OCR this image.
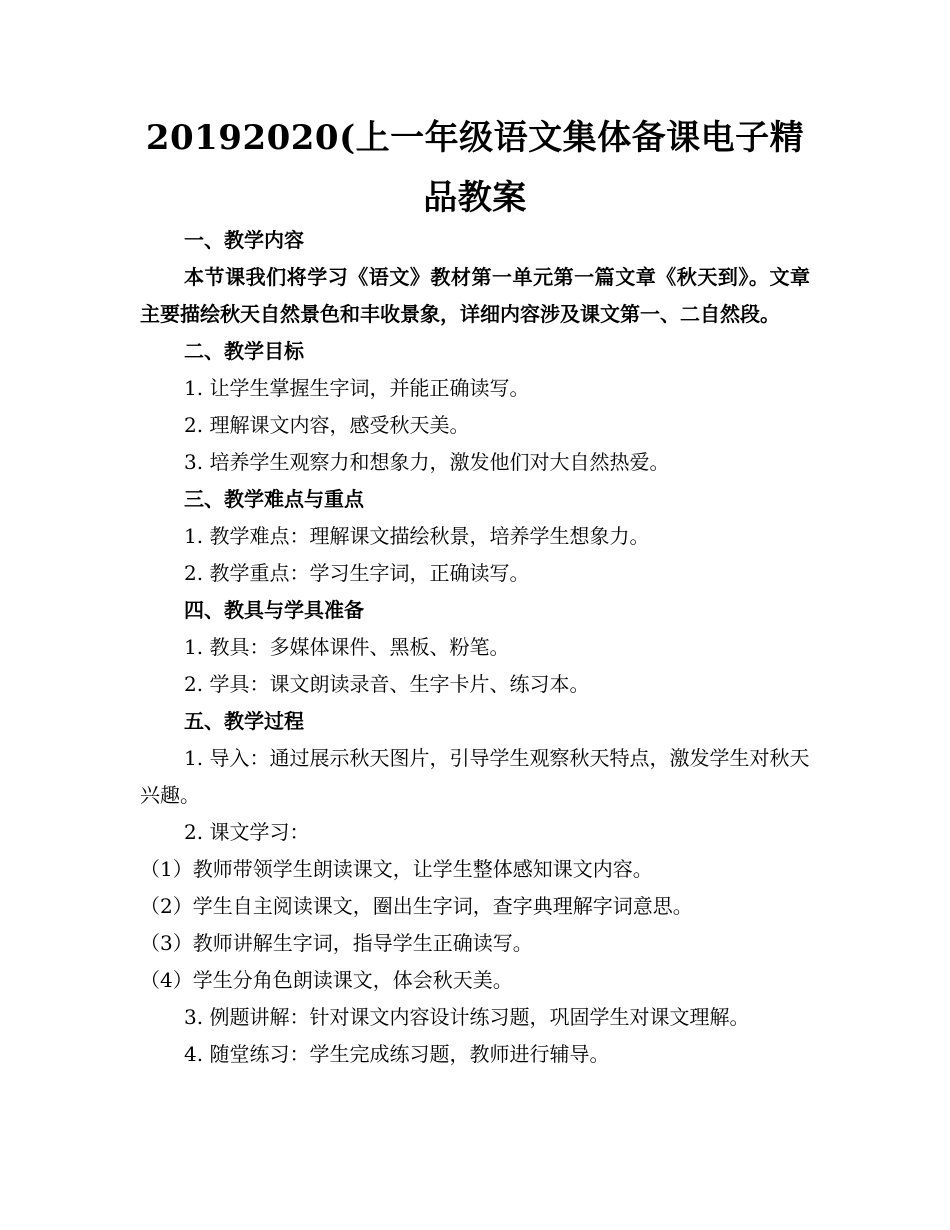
20192020(上一年级语文集体备课电子精品教案

一、教学内容

本节课我们将学习《语文》教材第一单元第一篇文章《秋天到》。文章主要描绘秋天自然景色和丰收景象，详细内容涉及课文第一、二自然段。

二、教学目标

1. 让学生掌握生字词，并能正确读写。

2. 理解课文内容，感受秋天美。

3. 培养学生观察力和想象力，激发他们对大自然热爱。

三、教学难点与重点

1. 教学难点：理解课文描绘秋景，培养学生想象力。

2. 教学重点：学习生字词，正确读写。

四、教具与学具准备

1. 教具：多媒体课件、黑板、粉笔。

2. 学具：课文朗读录音、生字卡片、练习本。

五、教学过程

1. 导入：通过展示秋天图片，引导学生观察秋天特点，激发学生对秋天兴趣。

2. 课文学习：

（1）教师带领学生朗读课文，让学生整体感知课文内容。

（2）学生自主阅读课文，圈出生字词，查字典理解字词意思。

（3）教师讲解生字词，指导学生正确读写。

（4）学生分角色朗读课文，体会秋天美。

3. 例题讲解：针对课文内容设计练习题，巩固学生对课文理解。

4. 随堂练习：学生完成练习题，教师进行辅导。
